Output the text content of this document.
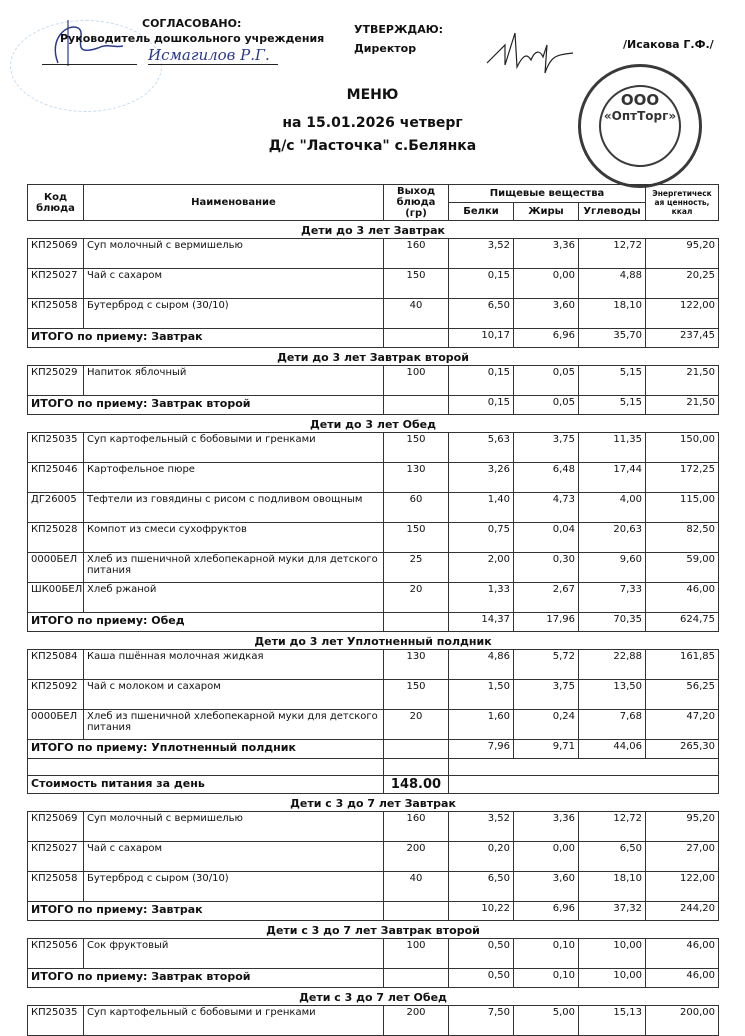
СОГЛАСОВАНО:
Руководитель дошкольного учреждения
Исмагилов Р.Г.
УТВЕРЖДАЮ:
Директор	/Исакова Г.Ф./
ООО
«ОптТорг»
МЕНЮ
на 15.01.2026 четверг
Д/с "Ласточка" с.Белянка
Код блюда	Наименование	Выход блюда (гр)	Пищевые вещества			Энергетическ ая ценность, ккал
			Белки	Жиры	Углеводы	
Дети до 3 лет Завтрак						
КП25069	Суп молочный с вермишелью	160	3,52	3,36	12,72	95,20
КП25027	Чай с сахаром	150	0,15	0,00	4,88	20,25
КП25058	Бутерброд с сыром (30/10)	40	6,50	3,60	18,10	122,00
ИТОГО по приему: Завтрак			10,17	6,96	35,70	237,45
Дети до 3 лет Завтрак второй						
КП25029	Напиток яблочный	100	0,15	0,05	5,15	21,50
ИТОГО по приему: Завтрак второй			0,15	0,05	5,15	21,50
Дети до 3 лет Обед						
КП25035	Суп картофельный с бобовыми и гренками	150	5,63	3,75	11,35	150,00
КП25046	Картофельное пюре	130	3,26	6,48	17,44	172,25
ДГ26005	Тефтели из говядины с рисом с подливом овощным	60	1,40	4,73	4,00	115,00
КП25028	Компот из смеси сухофруктов	150	0,75	0,04	20,63	82,50
0000БЕЛ	Хлеб из пшеничной хлебопекарной муки для детского питания	25	2,00	0,30	9,60	59,00
ШК00БЕЛ	Хлеб ржаной	20	1,33	2,67	7,33	46,00
ИТОГО по приему: Обед			14,37	17,96	70,35	624,75
Дети до 3 лет Уплотненный полдник						
КП25084	Каша пшённая молочная жидкая	130	4,86	5,72	22,88	161,85
КП25092	Чай с молоком и сахаром	150	1,50	3,75	13,50	56,25
0000БЕЛ	Хлеб из пшеничной хлебопекарной муки для детского питания	20	1,60	0,24	7,68	47,20
ИТОГО по приему: Уплотненный полдник			7,96	9,71	44,06	265,30

Стоимость питания за день		148.00				
Дети с 3 до 7 лет Завтрак						
КП25069	Суп молочный с вермишелью	160	3,52	3,36	12,72	95,20
КП25027	Чай с сахаром	200	0,20	0,00	6,50	27,00
КП25058	Бутерброд с сыром (30/10)	40	6,50	3,60	18,10	122,00
ИТОГО по приему: Завтрак			10,22	6,96	37,32	244,20
Дети с 3 до 7 лет Завтрак второй						
КП25056	Сок фруктовый	100	0,50	0,10	10,00	46,00
ИТОГО по приему: Завтрак второй			0,50	0,10	10,00	46,00
Дети с 3 до 7 лет Обед						
КП25035	Суп картофельный с бобовыми и гренками	200	7,50	5,00	15,13	200,00
